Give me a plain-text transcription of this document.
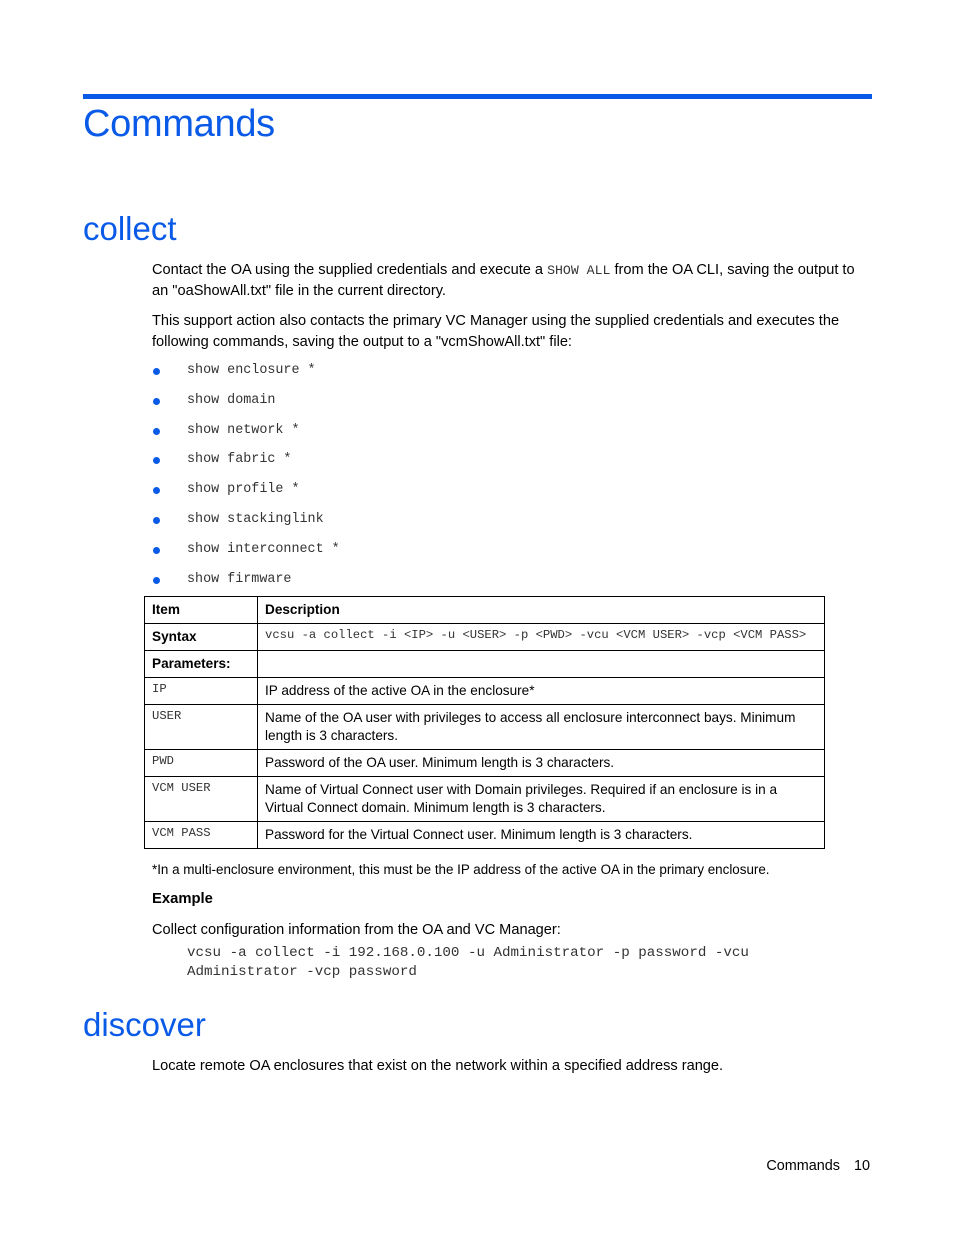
Commands
collect

Contact the OA using the supplied credentials and execute a SHOW ALL from the OA CLI, saving the output to an "oaShowAll.txt" file in the current directory.

This support action also contacts the primary VC Manager using the supplied credentials and executes the following commands, saving the output to a "vcmShowAll.txt" file:

show enclosure *
show domain
show network *
show fabric *
show profile *
show stackinglink
show interconnect *
show firmware
Item	Description
Syntax	vcsu -a collect -i <IP> -u <USER> -p <PWD> -vcu <VCM USER> -vcp <VCM PASS>
Parameters:	
IP	IP address of the active OA in the enclosure*
USER	Name of the OA user with privileges to access all enclosure interconnect bays. Minimum length is 3 characters.
PWD	Password of the OA user. Minimum length is 3 characters.
VCM USER	Name of Virtual Connect user with Domain privileges. Required if an enclosure is in a Virtual Connect domain. Minimum length is 3 characters.
VCM PASS	Password for the Virtual Connect user. Minimum length is 3 characters.

*In a multi-enclosure environment, this must be the IP address of the active OA in the primary enclosure.

Example

Collect configuration information from the OA and VC Manager:

vcsu -a collect -i 192.168.0.100 -u Administrator -p password -vcu
Administrator -vcp password
discover

Locate remote OA enclosures that exist on the network within a specified address range.

Commands 10
